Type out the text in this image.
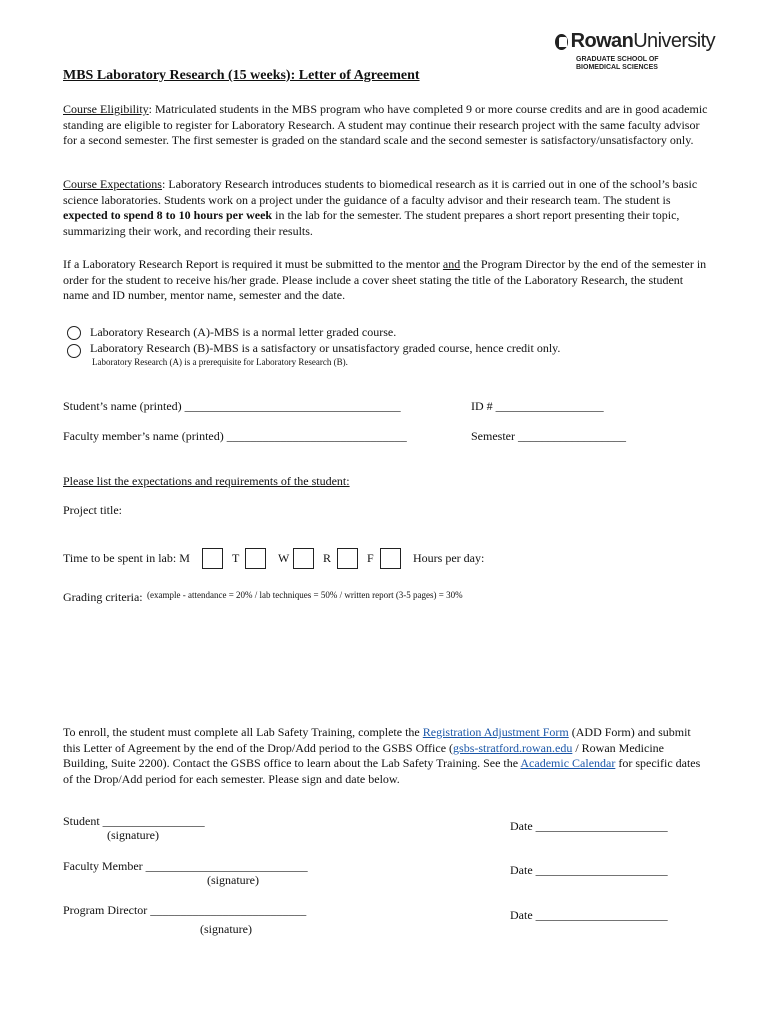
RowanUniversity
GRADUATE SCHOOL OF
BIOMEDICAL SCIENCES
MBS Laboratory Research (15 weeks): Letter of Agreement
Course Eligibility: Matriculated students in the MBS program who have completed 9 or more course credits and are in good academic standing are eligible to register for Laboratory Research. A student may continue their research project with the same faculty advisor for a second semester. The first semester is graded on the standard scale and the second semester is satisfactory/unsatisfactory only.
Course Expectations: Laboratory Research introduces students to biomedical research as it is carried out in one of the school’s basic science laboratories. Students work on a project under the guidance of a faculty advisor and their research team. The student is expected to spend 8 to 10 hours per week in the lab for the semester. The student prepares a short report presenting their topic, summarizing their work, and recording their results.
If a Laboratory Research Report is required it must be submitted to the mentor and the Program Director by the end of the semester in order for the student to receive his/her grade. Please include a cover sheet stating the title of the Laboratory Research, the student name and ID number, mentor name, semester and the date.
Laboratory Research (A)-MBS is a normal letter graded course.
Laboratory Research (B)-MBS is a satisfactory or unsatisfactory graded course, hence credit only.
Laboratory Research (A) is a prerequisite for Laboratory Research (B).
Student’s name (printed) ____________________________________	ID # __________________
Faculty member’s name (printed) ______________________________	Semester __________________
Please list the expectations and requirements of the student:
Project title:
Time to be spent in lab: M	T	W	R	F	Hours per day:
Grading criteria: (example - attendance = 20% / lab techniques = 50% / written report (3-5 pages) = 30%
To enroll, the student must complete all Lab Safety Training, complete the Registration Adjustment Form (ADD Form) and submit this Letter of Agreement by the end of the Drop/Add period to the GSBS Office (gsbs-stratford.rowan.edu / Rowan Medicine Building, Suite 2200). Contact the GSBS office to learn about the Lab Safety Training. See the Academic Calendar for specific dates of the Drop/Add period for each semester. Please sign and date below.
Student _________________
(signature)
Date ______________________
Faculty Member ___________________________
(signature)
Date ______________________
Program Director __________________________
(signature)
Date ______________________
